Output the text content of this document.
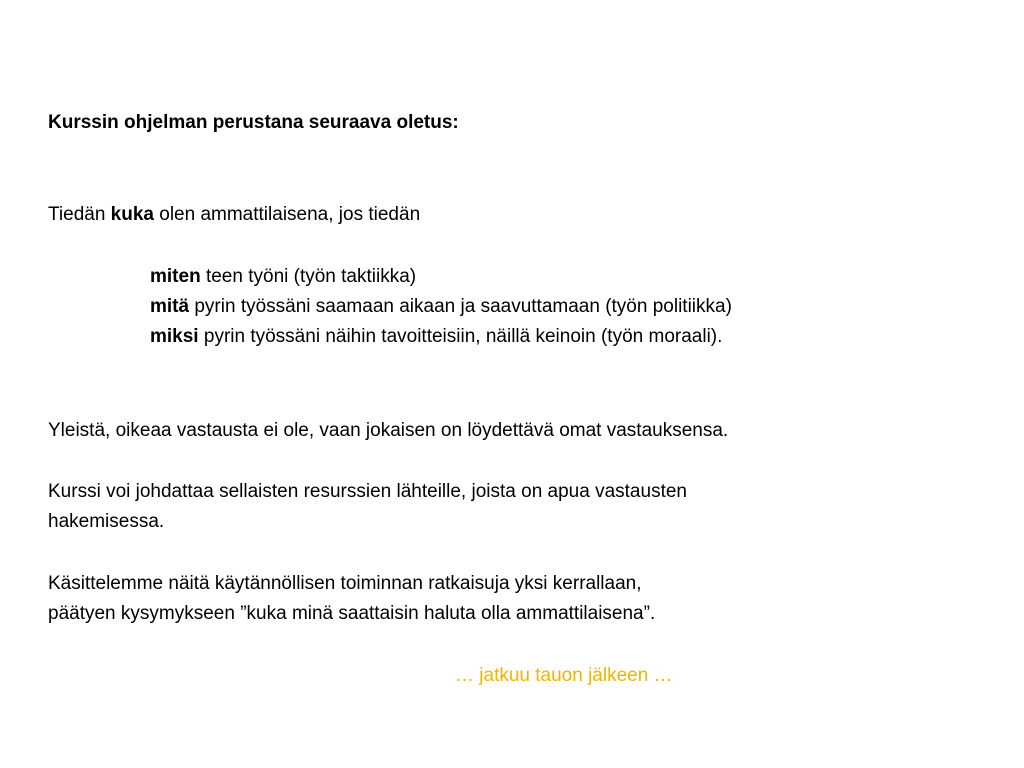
Kurssin ohjelman perustana seuraava oletus:
Tiedän kuka olen ammattilaisena, jos tiedän
miten teen työni (työn taktiikka)
mitä pyrin työssäni saamaan aikaan ja saavuttamaan (työn politiikka)
miksi pyrin työssäni näihin tavoitteisiin, näillä keinoin (työn moraali).
Yleistä, oikeaa vastausta ei ole, vaan jokaisen on löydettävä omat vastauksensa.
Kurssi voi johdattaa sellaisten resurssien lähteille, joista on apua vastausten
hakemisessa.
Käsittelemme näitä käytännöllisen toiminnan ratkaisuja yksi kerrallaan,
päätyen kysymykseen ”kuka minä saattaisin haluta olla ammattilaisena”.
… jatkuu tauon jälkeen …
